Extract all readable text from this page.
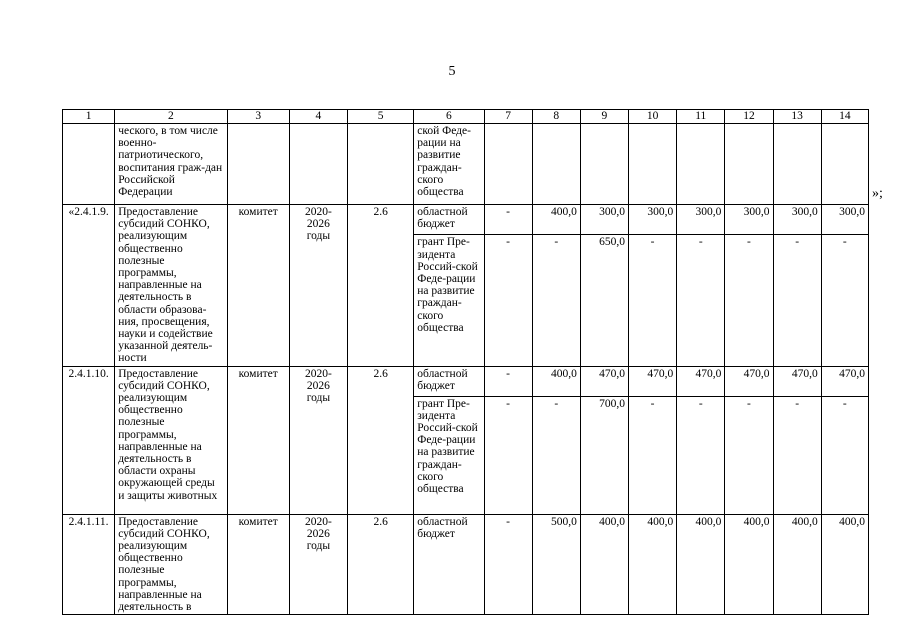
5
1	2	3	4	5	6	7	8	9	10	11	12	13	14
	ческого, в том числе военно-патриотического, воспитания граж-дан Российской Федерации				ской Феде-рации на развитие граждан-ского общества								
«2.4.1.9.	Предоставление субсидий СОНКО, реализующим общественно полезные программы, направленные на деятельность в области образова-ния, просвещения, науки и содействие указанной деятель-ности	комитет	2020-2026 годы	2.6	областной бюджет	-	400,0	300,0	300,0	300,0	300,0	300,0	300,0
					грант Пре-зидента Россий-ской Феде-рации на развитие граждан-ского общества	-	-	650,0	-	-	-	-	-
2.4.1.10.	Предоставление субсидий СОНКО, реализующим общественно полезные программы, направленные на деятельность в области охраны окружающей среды и защиты животных	комитет	2020-2026 годы	2.6	областной бюджет	-	400,0	470,0	470,0	470,0	470,0	470,0	470,0
					грант Пре-зидента Россий-ской Феде-рации на развитие граждан-ского общества	-	-	700,0	-	-	-	-	-
2.4.1.11.	Предоставление субсидий СОНКО, реализующим общественно полезные программы, направленные на деятельность в	комитет	2020-2026 годы	2.6	областной бюджет	-	500,0	400,0	400,0	400,0	400,0	400,0	400,0
»;
